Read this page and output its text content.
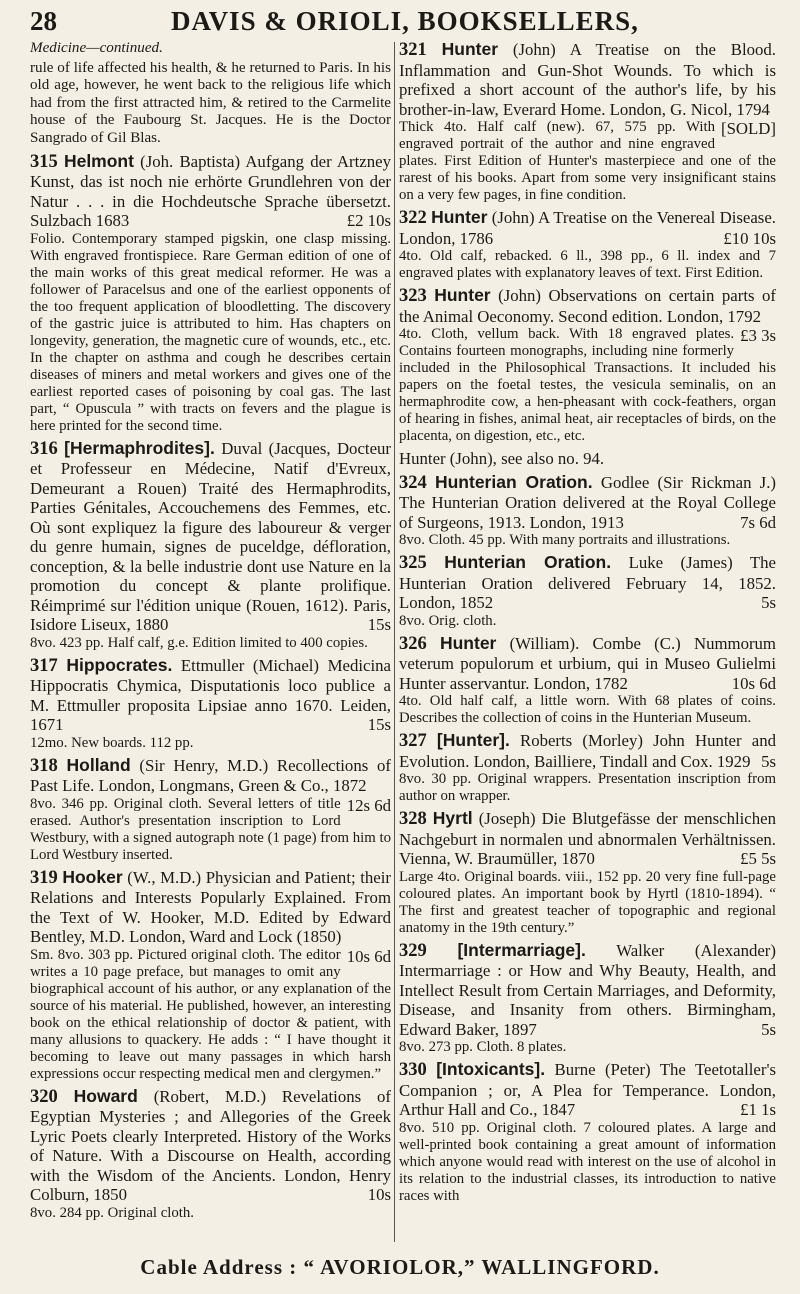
28	DAVIS & ORIOLI, BOOKSELLERS,
Medicine—continued.

rule of life affected his health, & he returned to Paris. In his old age, however, he went back to the religious life which had from the first attracted him, & retired to the Carmelite house of the Faubourg St. Jacques. He is the Doctor Sangrado of Gil Blas.

315 Helmont (Joh. Baptista) Aufgang der Artzney Kunst, das ist noch nie erhörte Grundlehren von der Natur . . . in die Hochdeutsche Sprache übersetzt. Sulzbach 1683	£2 10s

Folio. Contemporary stamped pigskin, one clasp missing. With engraved frontispiece. Rare German edition of one of the main works of this great medical reformer. He was a follower of Paracelsus and one of the earliest opponents of the too frequent application of bloodletting. The discovery of the gastric juice is attributed to him. Has chapters on longevity, generation, the magnetic cure of wounds, etc., etc. In the chapter on asthma and cough he describes certain diseases of miners and metal workers and gives one of the earliest reported cases of poisoning by coal gas. The last part, “ Opuscula ” with tracts on fevers and the plague is here printed for the second time.

316 [Hermaphrodites]. Duval (Jacques, Docteur et Professeur en Médecine, Natif d'Evreux, Demeurant a Rouen) Traité des Hermaphrodits, Parties Génitales, Accouchemens des Femmes, etc. Où sont expliquez la figure des laboureur & verger du genre humain, signes de puceldge, défloration, conception, & la belle industrie dont use Nature en la promotion du concept & plante prolifique. Réimprimé sur l'édition unique (Rouen, 1612). Paris, Isidore Liseux, 1880	15s

8vo. 423 pp. Half calf, g.e. Edition limited to 400 copies.

317 Hippocrates. Ettmuller (Michael) Medicina Hippocratis Chymica, Disputationis loco publice a M. Ettmuller proposita Lipsiae anno 1670. Leiden, 1671	15s

12mo. New boards. 112 pp.

318 Holland (Sir Henry, M.D.) Recollections of Past Life. London, Longmans, Green & Co., 1872
12s 6d

8vo. 346 pp. Original cloth. Several letters of title erased. Author's presentation inscription to Lord Westbury, with a signed autograph note (1 page) from him to Lord Westbury inserted.

319 Hooker (W., M.D.) Physician and Patient; their Relations and Interests Popularly Explained. From the Text of W. Hooker, M.D. Edited by Edward Bentley, M.D. London, Ward and Lock (1850)
10s 6d

Sm. 8vo. 303 pp. Pictured original cloth. The editor writes a 10 page preface, but manages to omit any biographical account of his author, or any explanation of the source of his material. He published, however, an interesting book on the ethical relationship of doctor & patient, with many allusions to quackery. He adds : “ I have thought it becoming to leave out many passages in which harsh expressions occur respecting medical men and clergymen.”

320 Howard (Robert, M.D.) Revelations of Egyptian Mysteries ; and Allegories of the Greek Lyric Poets clearly Interpreted. History of the Works of Nature. With a Discourse on Health, according with the Wisdom of the Ancients. London, Henry Colburn, 1850	10s

8vo. 284 pp. Original cloth.

321 Hunter (John) A Treatise on the Blood. Inflammation and Gun-Shot Wounds. To which is prefixed a short account of the author's life, by his brother-in-law, Everard Home. London, G. Nicol, 1794
[SOLD]

Thick 4to. Half calf (new). 67, 575 pp. With engraved portrait of the author and nine engraved plates. First Edition of Hunter's masterpiece and one of the rarest of his books. Apart from some very insignificant stains on a very few pages, in fine condition.

322 Hunter (John) A Treatise on the Venereal Disease. London, 1786	£10 10s

4to. Old calf, rebacked. 6 ll., 398 pp., 6 ll. index and 7 engraved plates with explanatory leaves of text. First Edition.

323 Hunter (John) Observations on certain parts of the Animal Oeconomy. Second edition. London, 1792
£3 3s

4to. Cloth, vellum back. With 18 engraved plates. Contains fourteen monographs, including nine formerly included in the Philosophical Transactions. It included his papers on the foetal testes, the vesicula seminalis, on an hermaphrodite cow, a hen-pheasant with cock-feathers, organ of hearing in fishes, animal heat, air receptacles of birds, on the placenta, on digestion, etc., etc.

Hunter (John), see also no. 94.

324 Hunterian Oration. Godlee (Sir Rickman J.) The Hunterian Oration delivered at the Royal College of Surgeons, 1913. London, 1913	7s 6d

8vo. Cloth. 45 pp. With many portraits and illustrations.

325 Hunterian Oration. Luke (James) The Hunterian Oration delivered February 14, 1852. London, 1852	5s

8vo. Orig. cloth.

326 Hunter (William). Combe (C.) Nummorum veterum populorum et urbium, qui in Museo Gulielmi Hunter asservantur. London, 1782	10s 6d

4to. Old half calf, a little worn. With 68 plates of coins. Describes the collection of coins in the Hunterian Museum.

327 [Hunter]. Roberts (Morley) John Hunter and Evolution. London, Bailliere, Tindall and Cox. 1929 5s

8vo. 30 pp. Original wrappers. Presentation inscription from author on wrapper.

328 Hyrtl (Joseph) Die Blutgefässe der menschlichen Nachgeburt in normalen und abnormalen Verhältnissen. Vienna, W. Braumüller, 1870	£5 5s

Large 4to. Original boards. viii., 152 pp. 20 very fine full-page coloured plates. An important book by Hyrtl (1810-1894). “ The first and greatest teacher of topographic and regional anatomy in the 19th century.”

329 [Intermarriage]. Walker (Alexander) Intermarriage : or How and Why Beauty, Health, and Intellect Result from Certain Marriages, and Deformity, Disease, and Insanity from others. Birmingham, Edward Baker, 1897	5s

8vo. 273 pp. Cloth. 8 plates.

330 [Intoxicants]. Burne (Peter) The Teetotaller's Companion ; or, A Plea for Temperance. London, Arthur Hall and Co., 1847	£1 1s

8vo. 510 pp. Original cloth. 7 coloured plates. A large and well-printed book containing a great amount of information which anyone would read with interest on the use of alcohol in its relation to the industrial classes, its introduction to native races with

Cable Address : “ AVORIOLOR,” WALLINGFORD.
